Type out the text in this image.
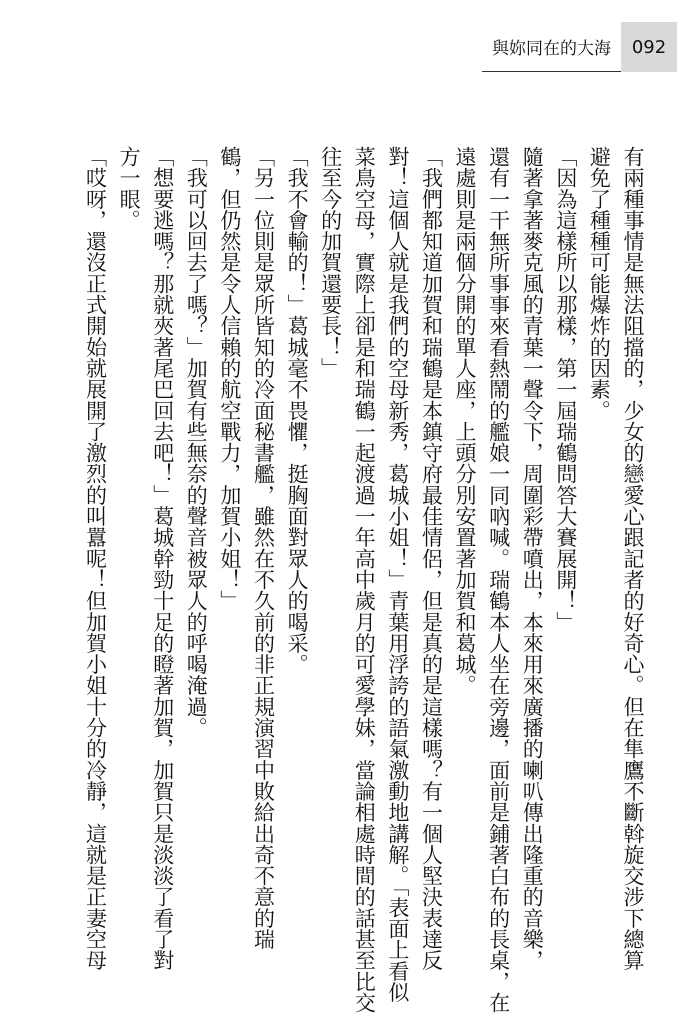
與妳同在的大海	092

有兩種事情是無法阻擋的，少女的戀愛心跟記者的好奇心。但在隼鷹不斷斡旋交涉下總算

避免了種種可能爆炸的因素。

「因為這樣所以那樣，第一屆瑞鶴問答大賽展開！」

隨著拿著麥克風的青葉一聲令下，周圍彩帶噴出，本來用來廣播的喇叭傳出隆重的音樂，

還有一干無所事事來看熱鬧的艦娘一同吶喊。瑞鶴本人坐在旁邊，面前是鋪著白布的長桌，在

遠處則是兩個分開的單人座，上頭分別安置著加賀和葛城。

「我們都知道加賀和瑞鶴是本鎮守府最佳情侶，但是真的是這樣嗎？有一個人堅決表達反

對！這個人就是我們的空母新秀，葛城小姐！」青葉用浮誇的語氣激動地講解。「表面上看似

菜鳥空母，實際上卻是和瑞鶴一起渡過一年高中歲月的可愛學妹，當論相處時間的話甚至比交

往至今的加賀還要長！」

「我不會輸的！」葛城毫不畏懼，挺胸面對眾人的喝采。

「另一位則是眾所皆知的冷面秘書艦，雖然在不久前的非正規演習中敗給出奇不意的瑞

鶴，但仍然是令人信賴的航空戰力，加賀小姐！」

「我可以回去了嗎？」加賀有些無奈的聲音被眾人的呼喝淹過。

「想要逃嗎？那就夾著尾巴回去吧！」葛城幹勁十足的瞪著加賀，加賀只是淡淡了看了對

方一眼。

「哎呀，還沒正式開始就展開了激烈的叫囂呢！但加賀小姐十分的冷靜，這就是正妻空母
